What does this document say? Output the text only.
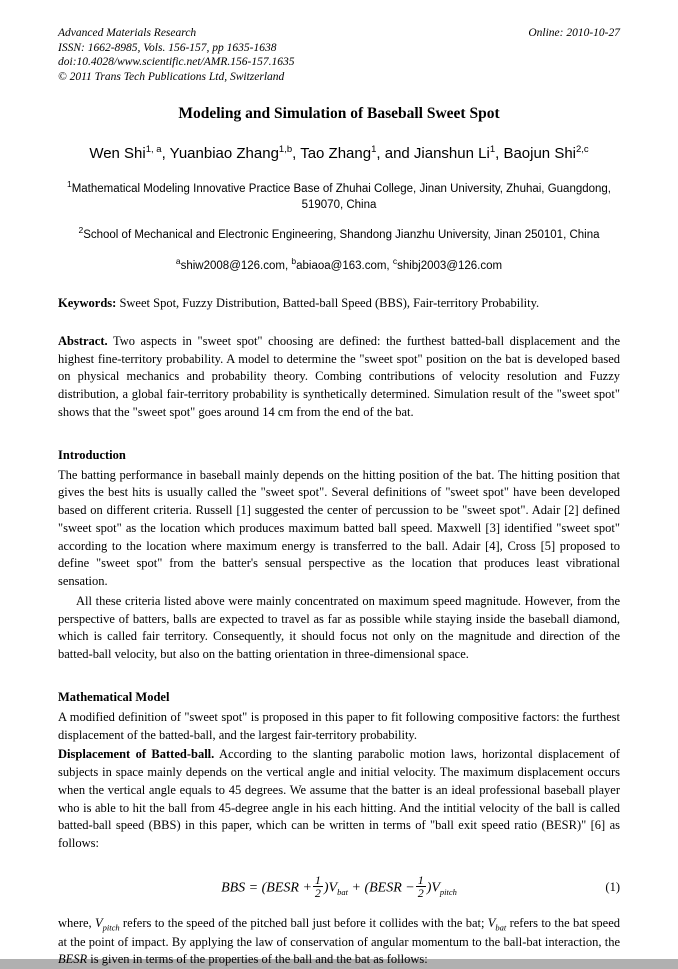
Advanced Materials Research
ISSN: 1662-8985, Vols. 156-157, pp 1635-1638
doi:10.4028/www.scientific.net/AMR.156-157.1635
© 2011 Trans Tech Publications Ltd, Switzerland
Online: 2010-10-27
Modeling and Simulation of Baseball Sweet Spot
Wen Shi$^{1, a}$, Yuanbiao Zhang$^{1,b}$, Tao Zhang$^1$, and Jianshun Li$^1$, Baojun Shi$^{2,c}$
$^1$Mathematical Modeling Innovative Practice Base of Zhuhai College, Jinan University, Zhuhai, Guangdong, 519070, China
$^2$School of Mechanical and Electronic Engineering, Shandong Jianzhu University, Jinan 250101, China
$^a$shiw2008@126.com, $^b$abiaoa@163.com, $^c$shibj2003@126.com
Keywords: Sweet Spot, Fuzzy Distribution, Batted-ball Speed (BBS), Fair-territory Probability.
Abstract. Two aspects in "sweet spot" choosing are defined: the furthest batted-ball displacement and the highest fine-territory probability. A model to determine the "sweet spot" position on the bat is developed based on physical mechanics and probability theory. Combing contributions of velocity resolution and Fuzzy distribution, a global fair-territory probability is synthetically determined. Simulation result of the "sweet spot" shows that the "sweet spot" goes around 14 cm from the end of the bat.
Introduction
The batting performance in baseball mainly depends on the hitting position of the bat. The hitting position that gives the best hits is usually called the "sweet spot". Several definitions of "sweet spot" have been developed based on different criteria. Russell [1] suggested the center of percussion to be "sweet spot". Adair [2] defined "sweet spot" as the location which produces maximum batted ball speed. Maxwell [3] identified "sweet spot" according to the location where maximum energy is transferred to the ball. Adair [4], Cross [5] proposed to define "sweet spot" from the batter's sensual perspective as the location that produces least vibrational sensation.
All these criteria listed above were mainly concentrated on maximum speed magnitude. However, from the perspective of batters, balls are expected to travel as far as possible while staying inside the baseball diamond, which is called fair territory. Consequently, it should focus not only on the magnitude and direction of the batted-ball velocity, but also on the batting orientation in three-dimensional space.
Mathematical Model
A modified definition of "sweet spot" is proposed in this paper to fit following compositive factors: the furthest displacement of the batted-ball, and the largest fair-territory probability.
Displacement of Batted-ball. According to the slanting parabolic motion laws, horizontal displacement of subjects in space mainly depends on the vertical angle and initial velocity. The maximum displacement occurs when the vertical angle equals to 45 degrees. We assume that the batter is an ideal professional baseball player who is able to hit the ball from 45-degree angle in his each hitting. And the intitial velocity of the ball is called batted-ball speed (BBS) in this paper, which can be written in terms of "ball exit speed ratio (BESR)" [6] as follows:
BBS = (BESR + $\frac{1}{2} )V_{bat}$ + (BESR − $\frac{1}{2} )V_{pitch}$	(1)
where, $V_{pitch}$ refers to the speed of the pitched ball just before it collides with the bat; $V_{bat}$ refers to the bat speed at the point of impact. By applying the law of conservation of angular momentum to the ball-bat interaction, the BESR is given in terms of the properties of the ball and the bat as follows:
